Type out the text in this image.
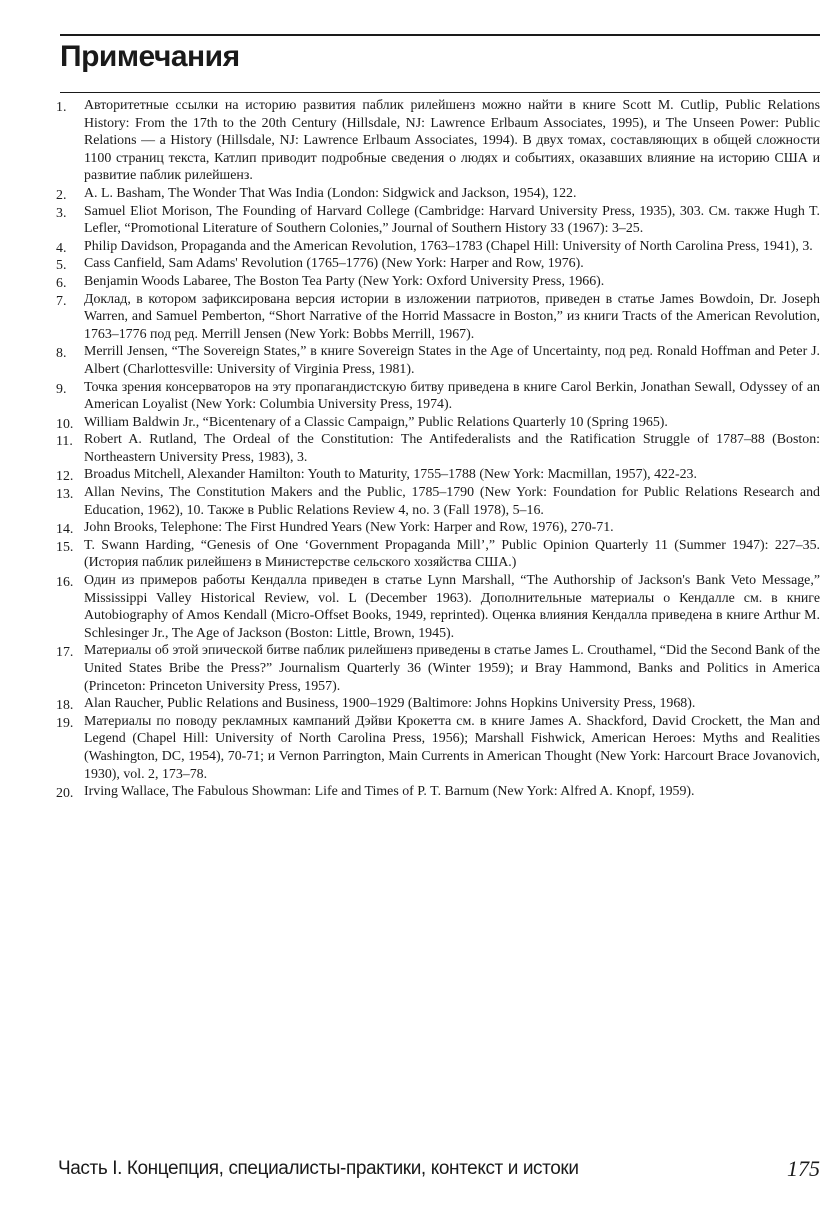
Примечания
1.	Авторитетные ссылки на историю развития паблик рилейшенз можно найти в книге Scott M. Cutlip, Public Relations History: From the 17th to the 20th Century (Hillsdale, NJ: Lawrence Erlbaum Associates, 1995), и The Unseen Power: Public Relations — a History (Hillsdale, NJ: Lawrence Erlbaum Associates, 1994). В двух томах, составляющих в общей сложности 1100 страниц текста, Катлип приводит подробные сведения о людях и событиях, оказавших влияние на историю США и развитие паблик рилейшенз.
2.	A. L. Basham, The Wonder That Was India (London: Sidgwick and Jackson, 1954), 122.
3.	Samuel Eliot Morison, The Founding of Harvard College (Cambridge: Harvard University Press, 1935), 303. См. также Hugh T. Lefler, “Promotional Literature of Southern Colonies,” Journal of Southern History 33 (1967): 3–25.
4.	Philip Davidson, Propaganda and the American Revolution, 1763–1783 (Chapel Hill: University of North Carolina Press, 1941), 3.
5.	Cass Canfield, Sam Adams' Revolution (1765–1776) (New York: Harper and Row, 1976).
6.	Benjamin Woods Labaree, The Boston Tea Party (New York: Oxford University Press, 1966).
7.	Доклад, в котором зафиксирована версия истории в изложении патриотов, приведен в статье James Bowdoin, Dr. Joseph Warren, and Samuel Pemberton, “Short Narrative of the Horrid Massacre in Boston,” из книги Tracts of the American Revolution, 1763–1776 под ред. Merrill Jensen (New York: Bobbs Merrill, 1967).
8.	Merrill Jensen, “The Sovereign States,” в книге Sovereign States in the Age of Uncertainty, под ред. Ronald Hoffman and Peter J. Albert (Charlottesville: University of Virginia Press, 1981).
9.	Точка зрения консерваторов на эту пропагандистскую битву приведена в книге Carol Berkin, Jonathan Sewall, Odyssey of an American Loyalist (New York: Columbia University Press, 1974).
10. William Baldwin Jr., “Bicentenary of a Classic Campaign,” Public Relations Quarterly 10 (Spring 1965).
11. Robert A. Rutland, The Ordeal of the Constitution: The Antifederalists and the Ratification Struggle of 1787–88 (Boston: Northeastern University Press, 1983), 3.
12. Broadus Mitchell, Alexander Hamilton: Youth to Maturity, 1755–1788 (New York: Macmillan, 1957), 422-23.
13. Allan Nevins, The Constitution Makers and the Public, 1785–1790 (New York: Foundation for Public Relations Research and Education, 1962), 10. Также в Public Relations Review 4, no. 3 (Fall 1978), 5–16.
14. John Brooks, Telephone: The First Hundred Years (New York: Harper and Row, 1976), 270-71.
15. T. Swann Harding, “Genesis of One ‘Government Propaganda Mill’,” Public Opinion Quarterly 11 (Summer 1947): 227–35. (История паблик рилейшенз в Министерстве сельского хозяйства США.)
16. Один из примеров работы Кендалла приведен в статье Lynn Marshall, “The Authorship of Jackson's Bank Veto Message,” Mississippi Valley Historical Review, vol. L (December 1963). Дополнительные материалы о Кендалле см. в книге Autobiography of Amos Kendall (Micro-Offset Books, 1949, reprinted). Оценка влияния Кендалла приведена в книге Arthur M. Schlesinger Jr., The Age of Jackson (Boston: Little, Brown, 1945).
17. Материалы об этой эпической битве паблик рилейшенз приведены в статье James L. Crouthamel, “Did the Second Bank of the United States Bribe the Press?” Journalism Quarterly 36 (Winter 1959); и Bray Hammond, Banks and Politics in America (Princeton: Princeton University Press, 1957).
18. Alan Raucher, Public Relations and Business, 1900–1929 (Baltimore: Johns Hopkins University Press, 1968).
19. Материалы по поводу рекламных кампаний Дэйви Крокетта см. в книге James A. Shackford, David Crockett, the Man and Legend (Chapel Hill: University of North Carolina Press, 1956); Marshall Fishwick, American Heroes: Myths and Realities (Washington, DC, 1954), 70-71; и Vernon Parrington, Main Currents in American Thought (New York: Harcourt Brace Jovanovich, 1930), vol. 2, 173–78.
20. Irving Wallace, The Fabulous Showman: Life and Times of P. T. Barnum (New York: Alfred A. Knopf, 1959).
Часть I. Концепция, специалисты-практики, контекст и истоки	175
